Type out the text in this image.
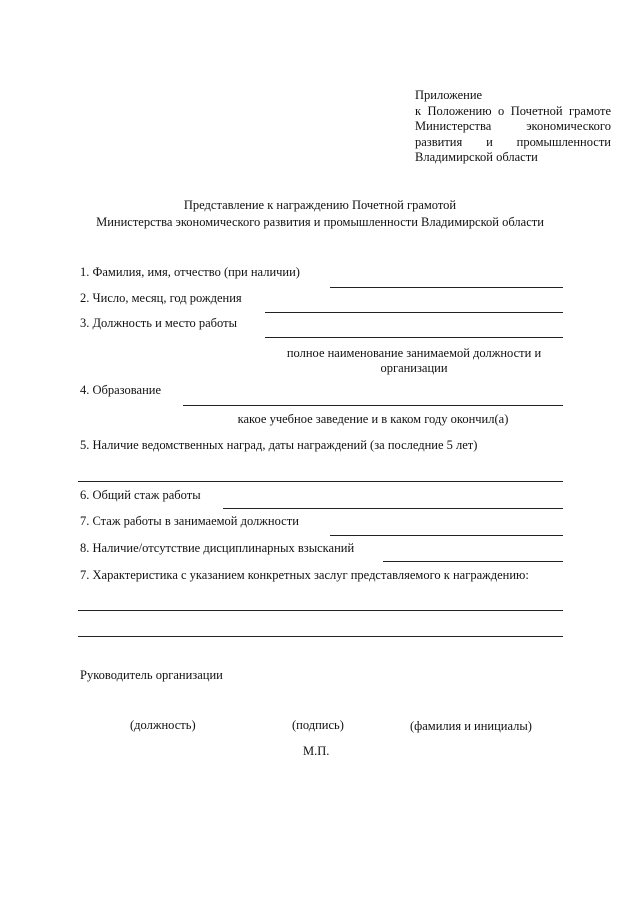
Приложение
к Положению о Почетной грамоте
Министерства экономического
развития и промышленности
Владимирской области
Представление к награждению Почетной грамотой
Министерства экономического развития и промышленности Владимирской области
1. Фамилия, имя, отчество (при наличии)
2. Число, месяц, год рождения
3. Должность и место работы
полное наименование занимаемой должности и
организации
4. Образование
какое учебное заведение и в каком году окончил(а)
5. Наличие ведомственных наград, даты награждений (за последние 5 лет)
6. Общий стаж работы
7. Стаж работы в занимаемой должности
8. Наличие/отсутствие дисциплинарных взысканий
7. Характеристика с указанием конкретных заслуг представляемого к награждению:
Руководитель организации
(должность)	(подпись)	(фамилия и инициалы)
М.П.
